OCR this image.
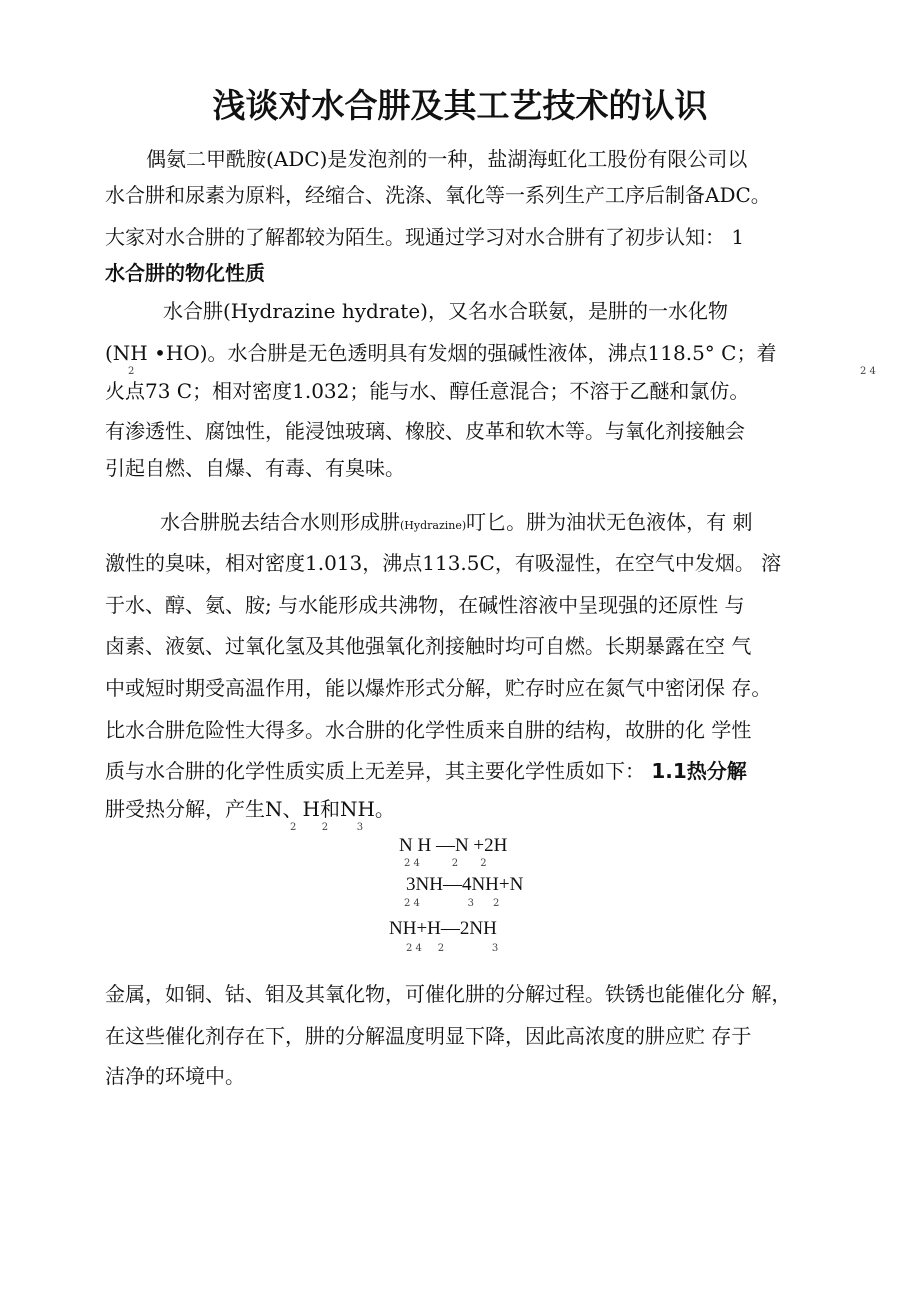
浅谈对水合肼及其工艺技术的认识
偶氨二甲酰胺(ADC)是发泡剂的一种，盐湖海虹化工股份有限公司以
水合肼和尿素为原料，经缩合、洗涤、氧化等一系列生产工序后制备ADC。
大家对水合肼的了解都较为陌生。现通过学习对水合肼有了初步认知： 1
水合肼的物化性质
水合肼(Hydrazine hydrate)，又名水合联氨，是肼的一水化物
(NH •HO)。水合肼是无色透明具有发烟的强碱性液体，沸点118.5° C；着
2	2 4
火点73 C；相对密度1.032；能与水、醇任意混合；不溶于乙醚和氯仿。
有渗透性、腐蚀性，能浸蚀玻璃、橡胶、皮革和软木等。与氧化剂接触会
引起自燃、自爆、有毒、有臭味。
水合肼脱去结合水则形成肼(Hydrazine)叮匕。肼为油状无色液体，有 刺
激性的臭味，相对密度1.013，沸点113.5C，有吸湿性，在空气中发烟。 溶
于水、醇、氨、胺; 与水能形成共沸物，在碱性溶液中呈现强的还原性 与
卤素、液氨、过氧化氢及其他强氧化剂接触时均可自燃。长期暴露在空 气
中或短时期受高温作用，能以爆炸形式分解，贮存时应在氮气中密闭保 存。
比水合肼危险性大得多。水合肼的化学性质来自肼的结构，故肼的化 学性
质与水合肼的化学性质实质上无差异，其主要化学性质如下： 1.1热分解
肼受热分解，产生N、H和NH。
2        2         3
N H —N +2H
2 4          2       2
3NH—4NH+N
2 4               3      2
NH+H—2NH
2 4     2               3
金属，如铜、钴、钼及其氧化物，可催化肼的分解过程。铁锈也能催化分 解，
在这些催化剂存在下，肼的分解温度明显下降，因此高浓度的肼应贮 存于
洁净的环境中。
